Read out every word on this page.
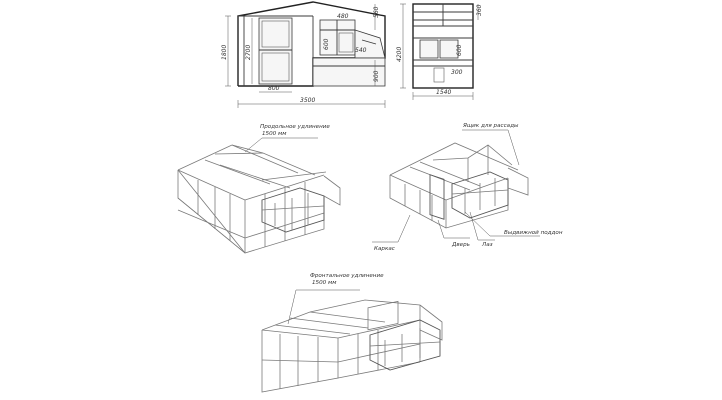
1800	2700
800
3500
480
600
540
560
900
4200
1540
360
600
300
Продольное удлинение
1500 мм
Ящик для рассады
Выдвижной поддон
Каркас
Дверь Лаз
Фронтальное удлинение
1500 мм
